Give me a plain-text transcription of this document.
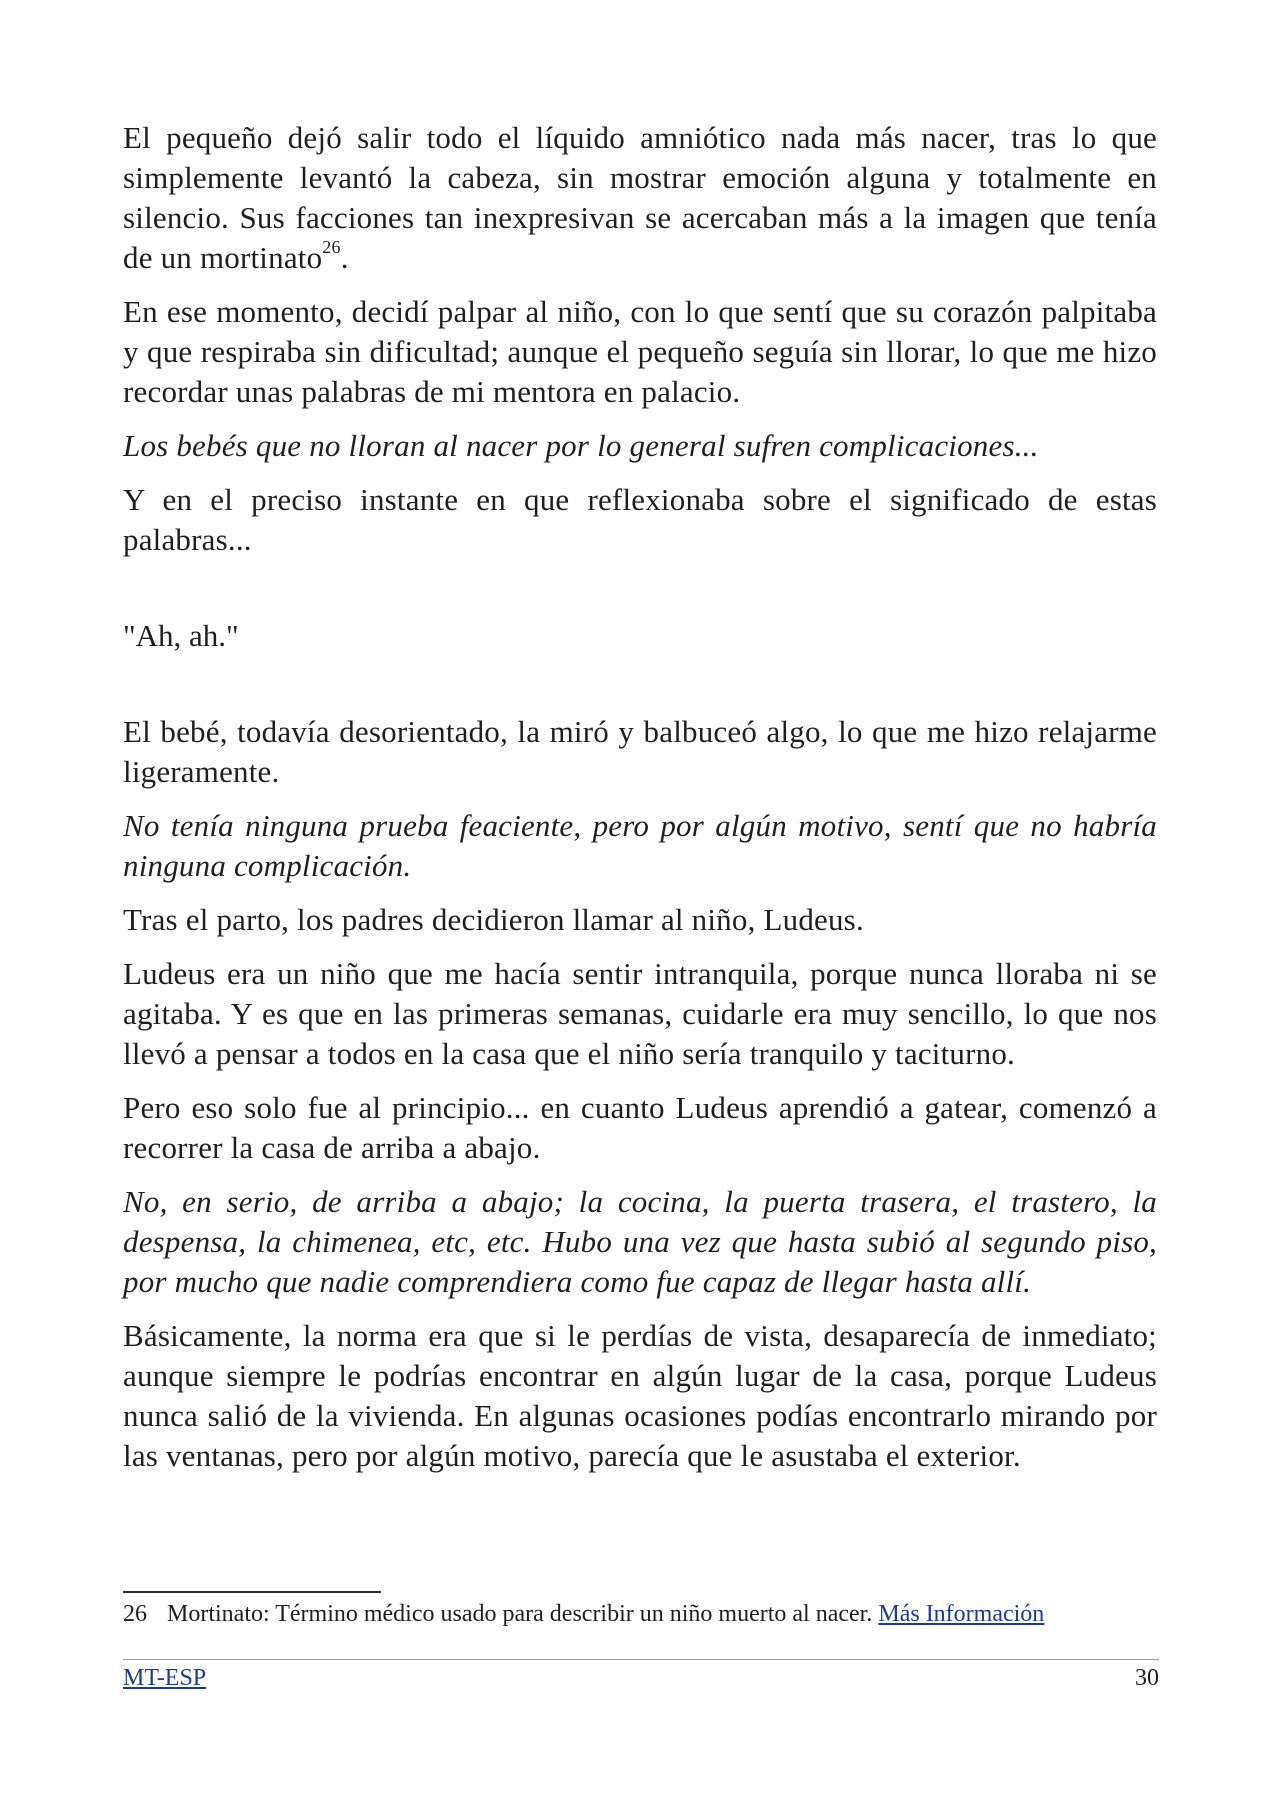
El pequeño dejó salir todo el líquido amniótico nada más nacer, tras lo que simplemente levantó la cabeza, sin mostrar emoción alguna y totalmente en silencio. Sus facciones tan inexpresivan se acercaban más a la imagen que tenía de un mortinato$^{26}$.

En ese momento, decidí palpar al niño, con lo que sentí que su corazón palpitaba y que respiraba sin dificultad; aunque el pequeño seguía sin llorar, lo que me hizo recordar unas palabras de mi mentora en palacio.

Los bebés que no lloran al nacer por lo general sufren complicaciones...

Y en el preciso instante en que reflexionaba sobre el significado de estas palabras...

"Ah, ah."

El bebé, todavía desorientado, la miró y balbuceó algo, lo que me hizo relajarme ligeramente.

No tenía ninguna prueba feaciente, pero por algún motivo, sentí que no habría ninguna complicación.

Tras el parto, los padres decidieron llamar al niño, Ludeus.

Ludeus era un niño que me hacía sentir intranquila, porque nunca lloraba ni se agitaba. Y es que en las primeras semanas, cuidarle era muy sencillo, lo que nos llevó a pensar a todos en la casa que el niño sería tranquilo y taciturno.

Pero eso solo fue al principio... en cuanto Ludeus aprendió a gatear, comenzó a recorrer la casa de arriba a abajo.

No, en serio, de arriba a abajo; la cocina, la puerta trasera, el trastero, la despensa, la chimenea, etc, etc. Hubo una vez que hasta subió al segundo piso, por mucho que nadie comprendiera como fue capaz de llegar hasta allí.

Básicamente, la norma era que si le perdías de vista, desaparecía de inmediato; aunque siempre le podrías encontrar en algún lugar de la casa, porque Ludeus nunca salió de la vivienda. En algunas ocasiones podías encontrarlo mirando por las ventanas, pero por algún motivo, parecía que le asustaba el exterior.

26 Mortinato: Término médico usado para describir un niño muerto al nacer. Más Información
MT-ESP	30
